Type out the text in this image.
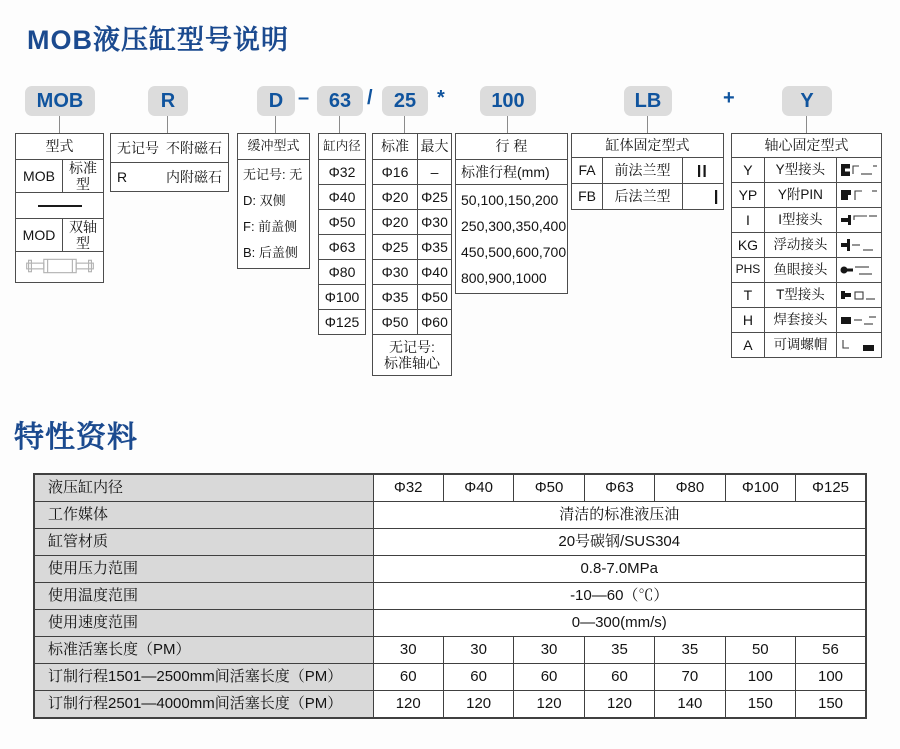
MOB液压缸型号说明
MOB	R	D – 63 /	25	*	100	LB	+	Y
型式	
MOB	标准型

MOD	双轴型

无记号 不附磁石

R	内附磁石
缓冲型式

无记号: 无
D: 双侧
F: 前盖侧
B: 后盖侧
缸内径
Φ32
Φ40
Φ50
Φ63
Φ80
Φ100
Φ125
标准	最大
Φ16	–
Φ20	Φ25
Φ20	Φ30
Φ25	Φ35
Φ30	Φ40
Φ35	Φ50
Φ50	Φ60

无记号:
标准轴心	
行 程
标准行程(mm)

50,100,150,200
250,300,350,400
450,500,600,700
800,900,1000
缸体固定型式		
FA	前法兰型	

FB	后法兰型	
轴心固定型式		
Y	Y型接头	

YP	Y附PIN	

I	I型接头	

KG	浮动接头	

PHS	鱼眼接头	

T	T型接头	

H	焊套接头	

A	可调螺帽	
特性资料
液压缸内径	Φ32	Φ40	Φ50	Φ63	Φ80	Φ100	Φ125
工作媒体	清洁的标准液压油						
缸管材质	20号碳钢/SUS304						
使用压力范围	0.8-7.0MPa						
使用温度范围	-10—60（℃）						
使用速度范围	0—300(mm/s)						
标准活塞长度（PM）	30	30	30	35	35	50	56
订制行程1501—2500mm间活塞长度（PM）	60	60	60	60	70	100	100
订制行程2501—4000mm间活塞长度（PM）	120	120	120	120	140	150	150
